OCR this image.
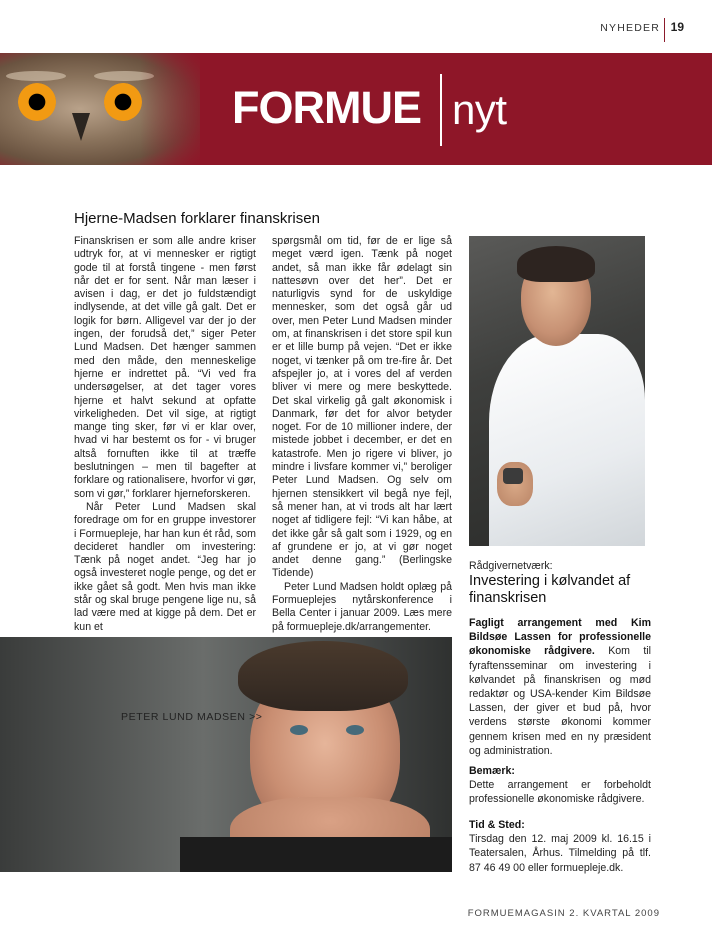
NYHEDER 19
FORMUE nyt
Hjerne-Madsen forklarer finanskrisen

Finanskrisen er som alle andre kriser udtryk for, at vi mennesker er rigtigt gode til at forstå tingene - men først når det er for sent. Når man læser i avisen i dag, er det jo fuldstændigt indlysende, at det ville gå galt. Det er logik for børn. Alligevel var der jo der ingen, der forudså det,” siger Peter Lund Madsen. Det hænger sammen med den måde, den menneskelige hjerne er indrettet på. “Vi ved fra undersøgelser, at det tager vores hjerne et halvt sekund at opfatte virkeligheden. Det vil sige, at rigtigt mange ting sker, før vi er klar over, hvad vi har bestemt os for - vi bruger altså fornuften ikke til at træffe beslutningen – men til bagefter at forklare og rationalisere, hvorfor vi gør, som vi gør,” forklarer hjerneforskeren.

Når Peter Lund Madsen skal foredrage om for en gruppe investorer i Formuepleje, har han kun ét råd, som decideret handler om investering: Tænk på noget andet. “Jeg har jo også investeret nogle penge, og det er ikke gået så godt. Men hvis man ikke står og skal bruge pengene lige nu, så lad være med at kigge på dem. Det er kun et

spørgsmål om tid, før de er lige så meget værd igen. Tænk på noget andet, så man ikke får ødelagt sin nattesøvn over det her”. Det er naturligvis synd for de uskyldige mennesker, som det også går ud over, men Peter Lund Madsen minder om, at finanskrisen i det store spil kun er et lille bump på vejen. “Det er ikke noget, vi tænker på om tre-fire år. Det afspejler jo, at i vores del af verden bliver vi mere og mere beskyttede. Det skal virkelig gå galt økonomisk i Danmark, før det for alvor betyder noget. For de 10 millioner indere, der mistede jobbet i december, er det en katastrofe. Men jo rigere vi bliver, jo mindre i livsfare kommer vi,” beroliger Peter Lund Madsen. Og selv om hjernen stensikkert vil begå nye fejl, så mener han, at vi trods alt har lært noget af tidligere fejl: “Vi kan håbe, at det ikke går så galt som i 1929, og en af grundene er jo, at vi gør noget andet denne gang.” (Berlingske Tidende)

Peter Lund Madsen holdt oplæg på Formueplejes nytårskonference i Bella Center i januar 2009. Læs mere på formuepleje.dk/arrangementer.

PETER LUND MADSEN >>
Rådgivernetværk:
Investering i kølvandet af finanskrisen
Fagligt arrangement med Kim Bildsøe Lassen for professionelle økonomiske rådgivere. Kom til fyraftensseminar om investering i kølvandet på finanskrisen og mød redaktør og USA-kender Kim Bildsøe Lassen, der giver et bud på, hvor verdens største økonomi kommer gennem krisen med en ny præsident og administration.
Bemærk:
Dette arrangement er forbeholdt professionelle økonomiske rådgivere.
Tid & Sted:
Tirsdag den 12. maj 2009 kl. 16.15 i Teatersalen, Århus. Tilmelding på tlf. 87 46 49 00 eller formuepleje.dk.
FORMUEMAGASIN 2. KVARTAL 2009
